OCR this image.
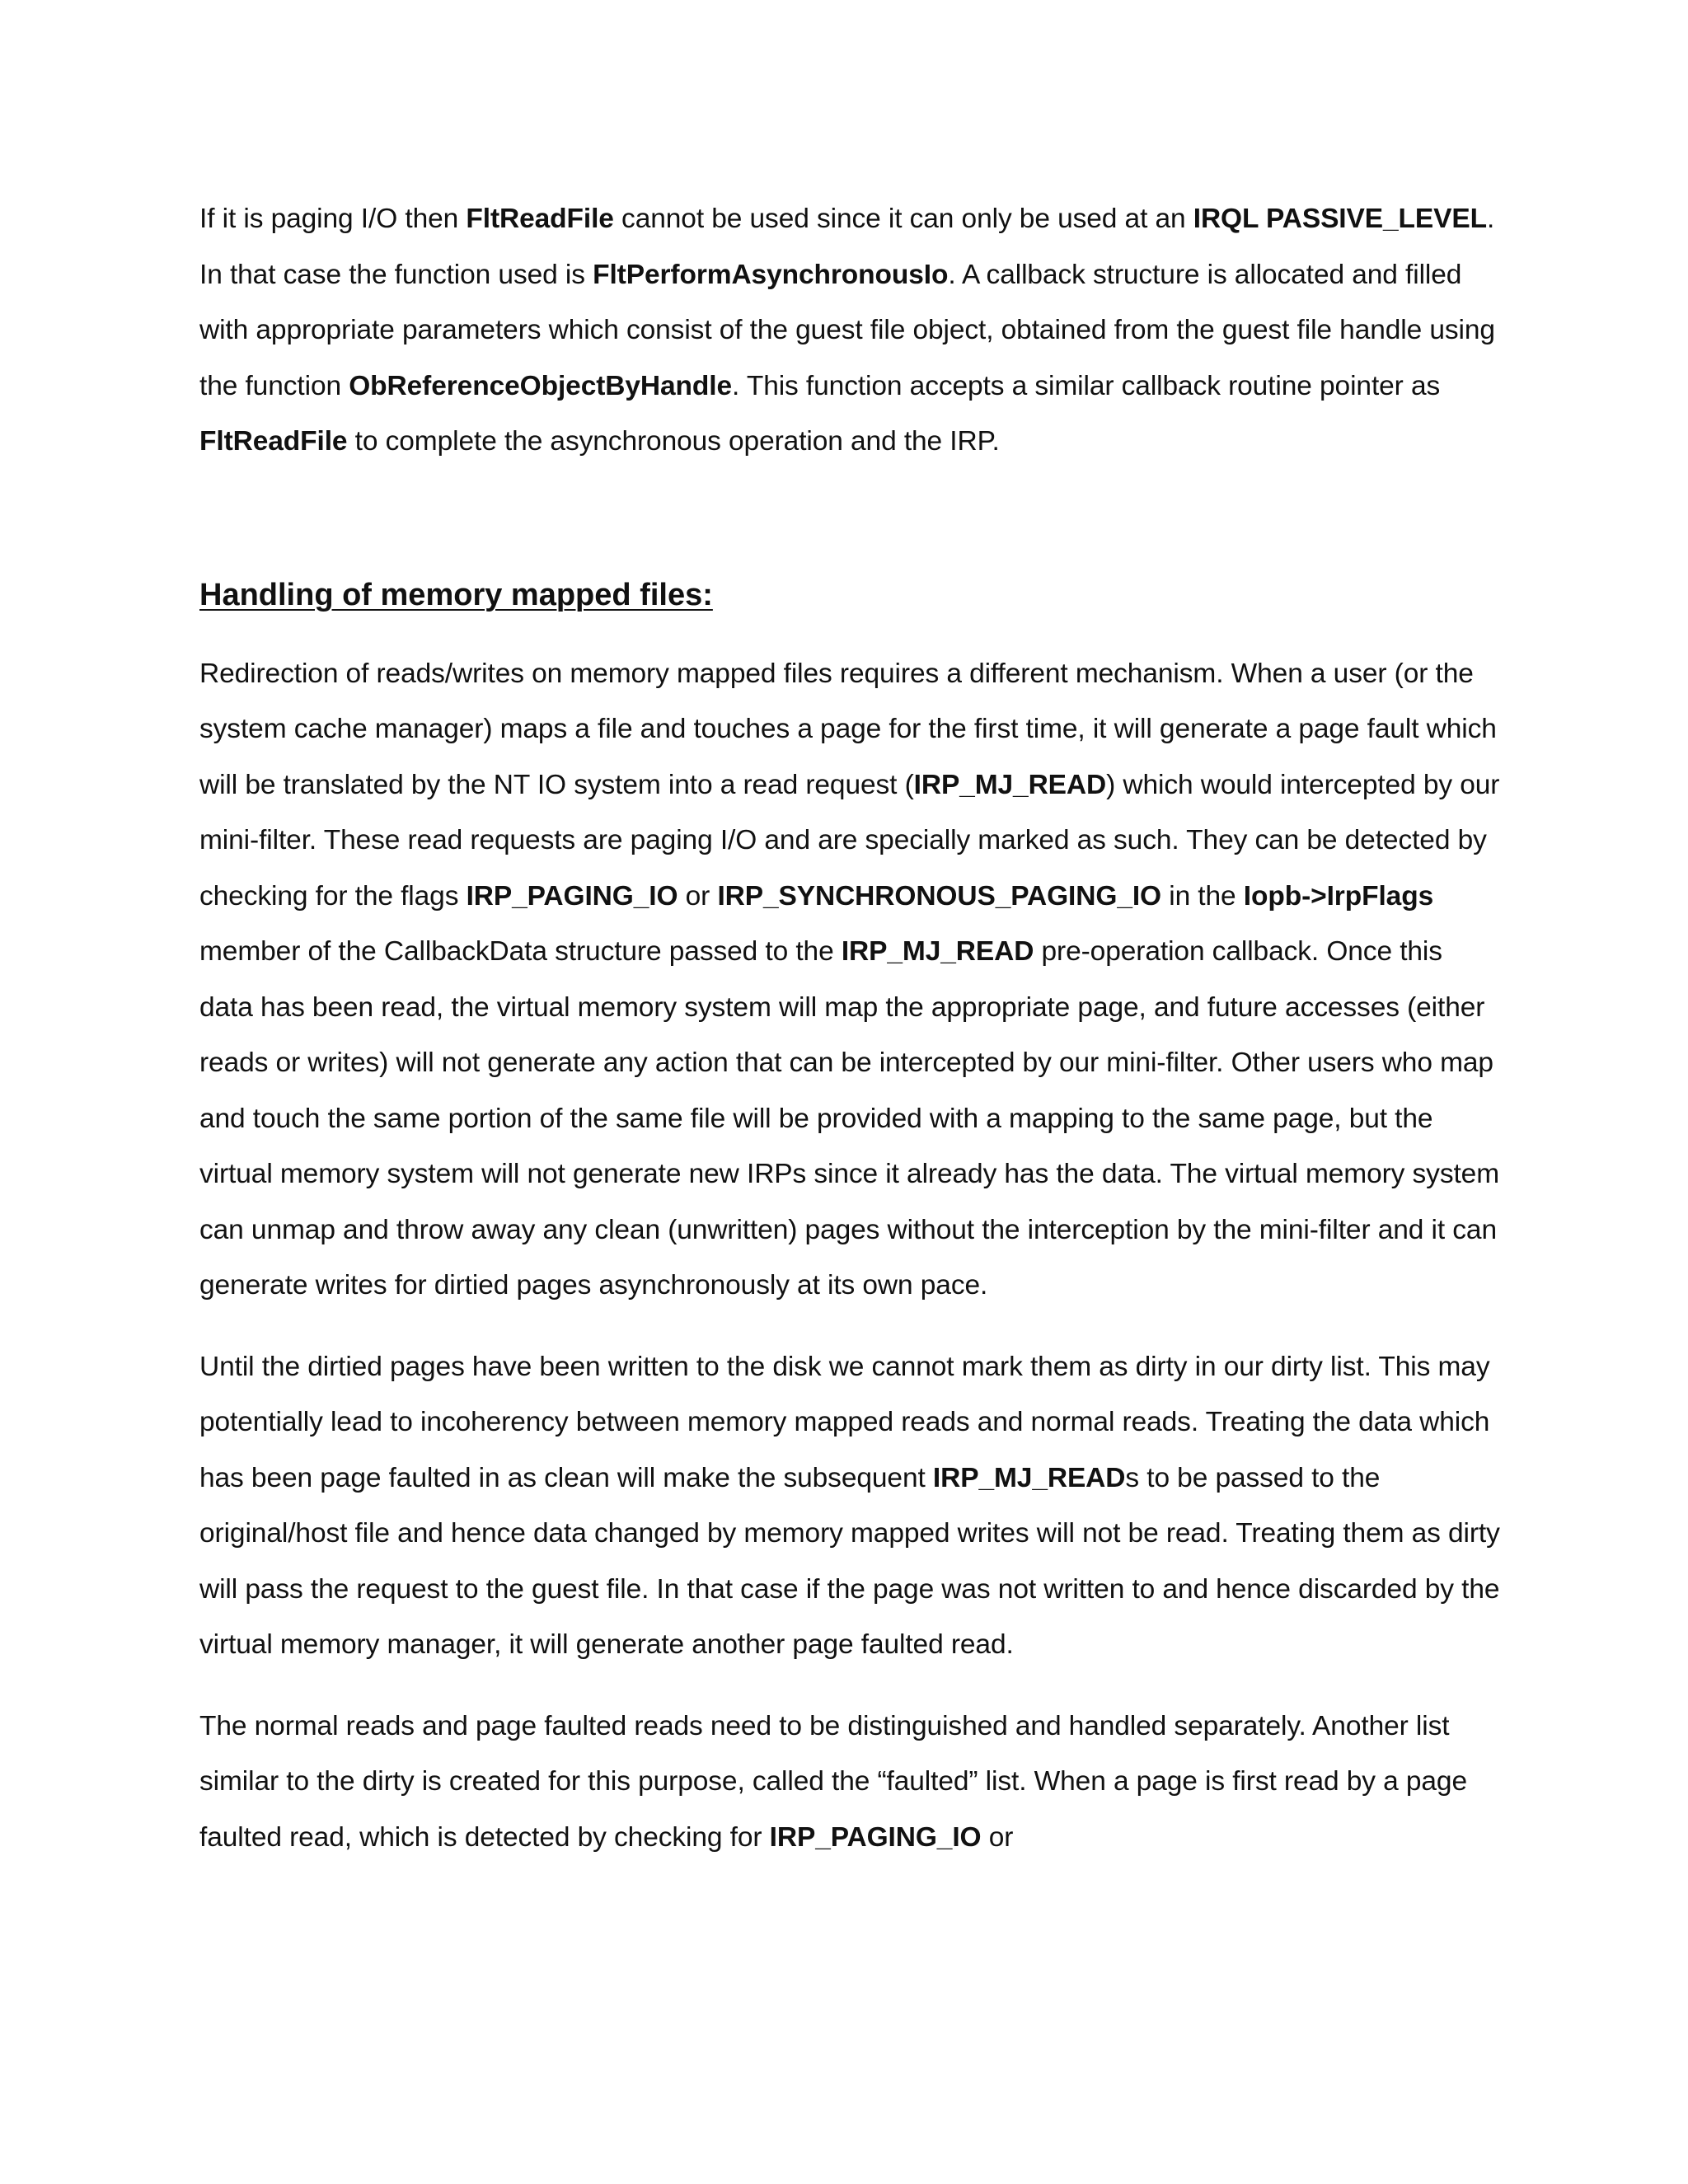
If it is paging I/O then FltReadFile cannot be used since it can only be used at an IRQL PASSIVE_LEVEL. In that case the function used is FltPerformAsynchronousIo. A callback structure is allocated and filled with appropriate parameters which consist of the guest file object, obtained from the guest file handle using the function ObReferenceObjectByHandle. This function accepts a similar callback routine pointer as FltReadFile to complete the asynchronous operation and the IRP.

Handling of memory mapped files:

Redirection of reads/writes on memory mapped files requires a different mechanism. When a user (or the system cache manager) maps a file and touches a page for the first time, it will generate a page fault which will be translated by the NT IO system into a read request (IRP_MJ_READ) which would intercepted by our mini-filter. These read requests are paging I/O and are specially marked as such. They can be detected by checking for the flags IRP_PAGING_IO or IRP_SYNCHRONOUS_PAGING_IO in the Iopb->IrpFlags member of the CallbackData structure passed to the IRP_MJ_READ pre-operation callback. Once this data has been read, the virtual memory system will map the appropriate page, and future accesses (either reads or writes) will not generate any action that can be intercepted by our mini-filter. Other users who map and touch the same portion of the same file will be provided with a mapping to the same page, but the virtual memory system will not generate new IRPs since it already has the data. The virtual memory system can unmap and throw away any clean (unwritten) pages without the interception by the mini-filter and it can generate writes for dirtied pages asynchronously at its own pace.

Until the dirtied pages have been written to the disk we cannot mark them as dirty in our dirty list. This may potentially lead to incoherency between memory mapped reads and normal reads. Treating the data which has been page faulted in as clean will make the subsequent IRP_MJ_READs to be passed to the original/host file and hence data changed by memory mapped writes will not be read. Treating them as dirty will pass the request to the guest file. In that case if the page was not written to and hence discarded by the virtual memory manager, it will generate another page faulted read.

The normal reads and page faulted reads need to be distinguished and handled separately. Another list similar to the dirty is created for this purpose, called the “faulted” list. When a page is first read by a page faulted read, which is detected by checking for IRP_PAGING_IO or
